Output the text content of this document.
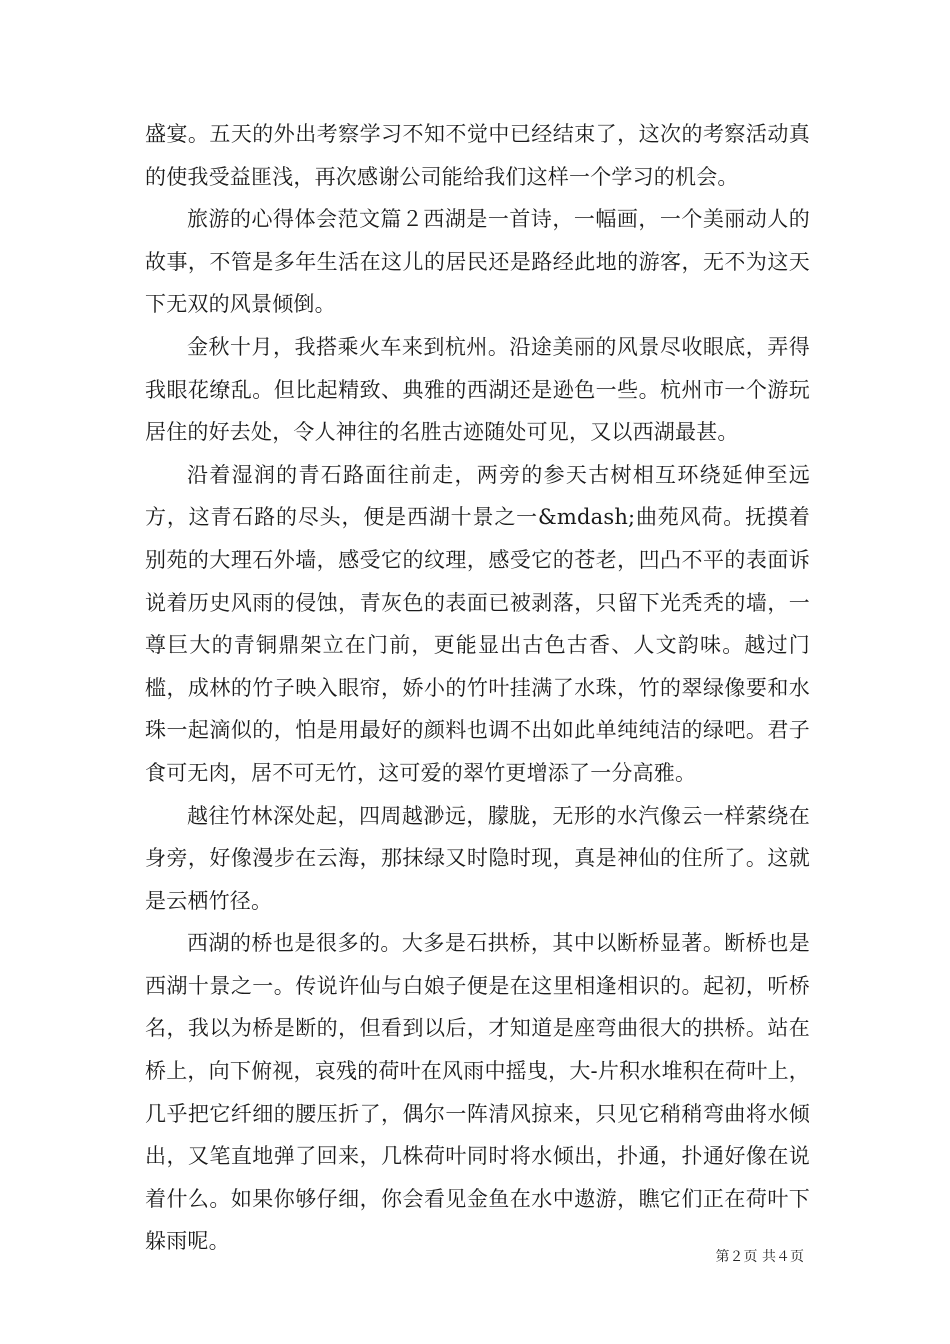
盛宴。五天的外出考察学习不知不觉中已经结束了，这次的考察活动真的使我受益匪浅，再次感谢公司能给我们这样一个学习的机会。

旅游的心得体会范文篇２西湖是一首诗，一幅画，一个美丽动人的故事，不管是多年生活在这儿的居民还是路经此地的游客，无不为这天下无双的风景倾倒。

金秋十月，我搭乘火车来到杭州。沿途美丽的风景尽收眼底，弄得我眼花缭乱。但比起精致、典雅的西湖还是逊色一些。杭州市一个游玩居住的好去处，令人神往的名胜古迹随处可见，又以西湖最甚。

沿着湿润的青石路面往前走，两旁的参天古树相互环绕延伸至远方，这青石路的尽头，便是西湖十景之一&mdash;曲苑风荷。抚摸着别苑的大理石外墙，感受它的纹理，感受它的苍老，凹凸不平的表面诉说着历史风雨的侵蚀，青灰色的表面已被剥落，只留下光秃秃的墙，一尊巨大的青铜鼎架立在门前，更能显出古色古香、人文韵味。越过门槛，成林的竹子映入眼帘，娇小的竹叶挂满了水珠，竹的翠绿像要和水珠一起滴似的，怕是用最好的颜料也调不出如此单纯纯洁的绿吧。君子食可无肉，居不可无竹，这可爱的翠竹更增添了一分高雅。

越往竹林深处起，四周越渺远，朦胧，无形的水汽像云一样萦绕在身旁，好像漫步在云海，那抹绿又时隐时现，真是神仙的住所了。这就是云栖竹径。

西湖的桥也是很多的。大多是石拱桥，其中以断桥显著。断桥也是西湖十景之一。传说许仙与白娘子便是在这里相逢相识的。起初，听桥名，我以为桥是断的，但看到以后，才知道是座弯曲很大的拱桥。站在桥上，向下俯视，哀残的荷叶在风雨中摇曳，大-片积水堆积在荷叶上，几乎把它纤细的腰压折了，偶尔一阵清风掠来，只见它稍稍弯曲将水倾出，又笔直地弹了回来，几株荷叶同时将水倾出，扑通，扑通好像在说着什么。如果你够仔细，你会看见金鱼在水中遨游，瞧它们正在荷叶下躲雨呢。

第２页 共４页
